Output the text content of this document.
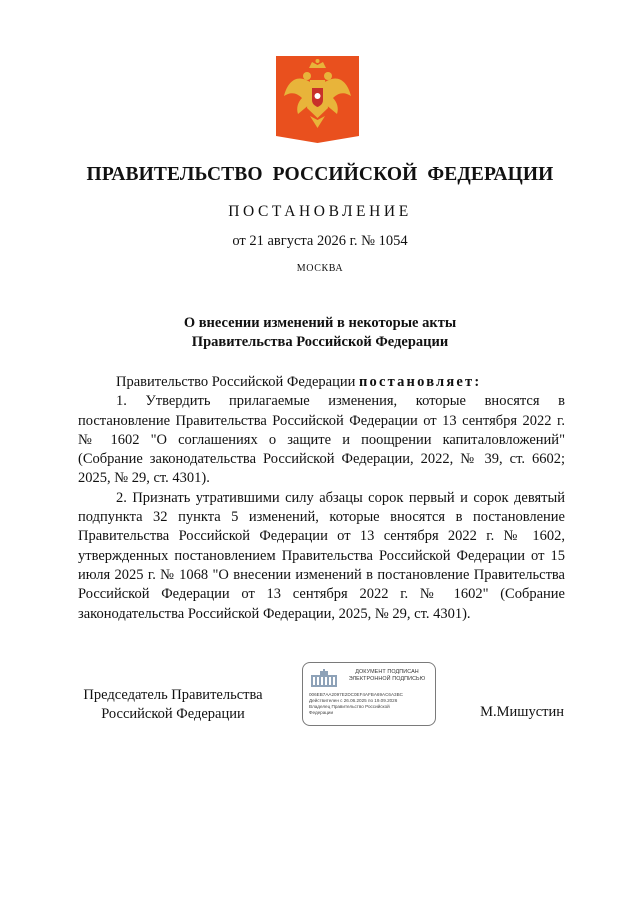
ПРАВИТЕЛЬСТВО РОССИЙСКОЙ ФЕДЕРАЦИИ
ПОСТАНОВЛЕНИЕ
от 21 августа 2026 г. № 1054
МОСКВА
О внесении изменений в некоторые акты
Правительства Российской Федерации

Правительство Российской Федерации постановляет:

1. Утвердить прилагаемые изменения, которые вносятся в постановление Правительства Российской Федерации от 13 сентября 2022 г. № 1602 "О соглашениях о защите и поощрении капиталовложений" (Собрание законодательства Российской Федерации, 2022, № 39, ст. 6602; 2025, № 29, ст. 4301).

2. Признать утратившими силу абзацы сорок первый и сорок девятый подпункта 32 пункта 5 изменений, которые вносятся в постановление Правительства Российской Федерации от 13 сентября 2022 г. № 1602, утвержденных постановлением Правительства Российской Федерации от 15 июля 2025 г. № 1068 "О внесении изменений в постановление Правительства Российской Федерации от 13 сентября 2022 г. № 1602" (Собрание законодательства Российской Федерации, 2025, № 29, ст. 4301).

Председатель Правительства
Российской Федерации	М.Мишустин
ДОКУМЕНТ ПОДПИСАН
ЭЛЕКТРОННОЙ ПОДПИСЬЮ
006EB7AA2097E2DC0EF4AFBA69AC6A3BC
Действителен с 26.06.2025 по 19.09.2026
Владелец Правительство Российской
Федерации
